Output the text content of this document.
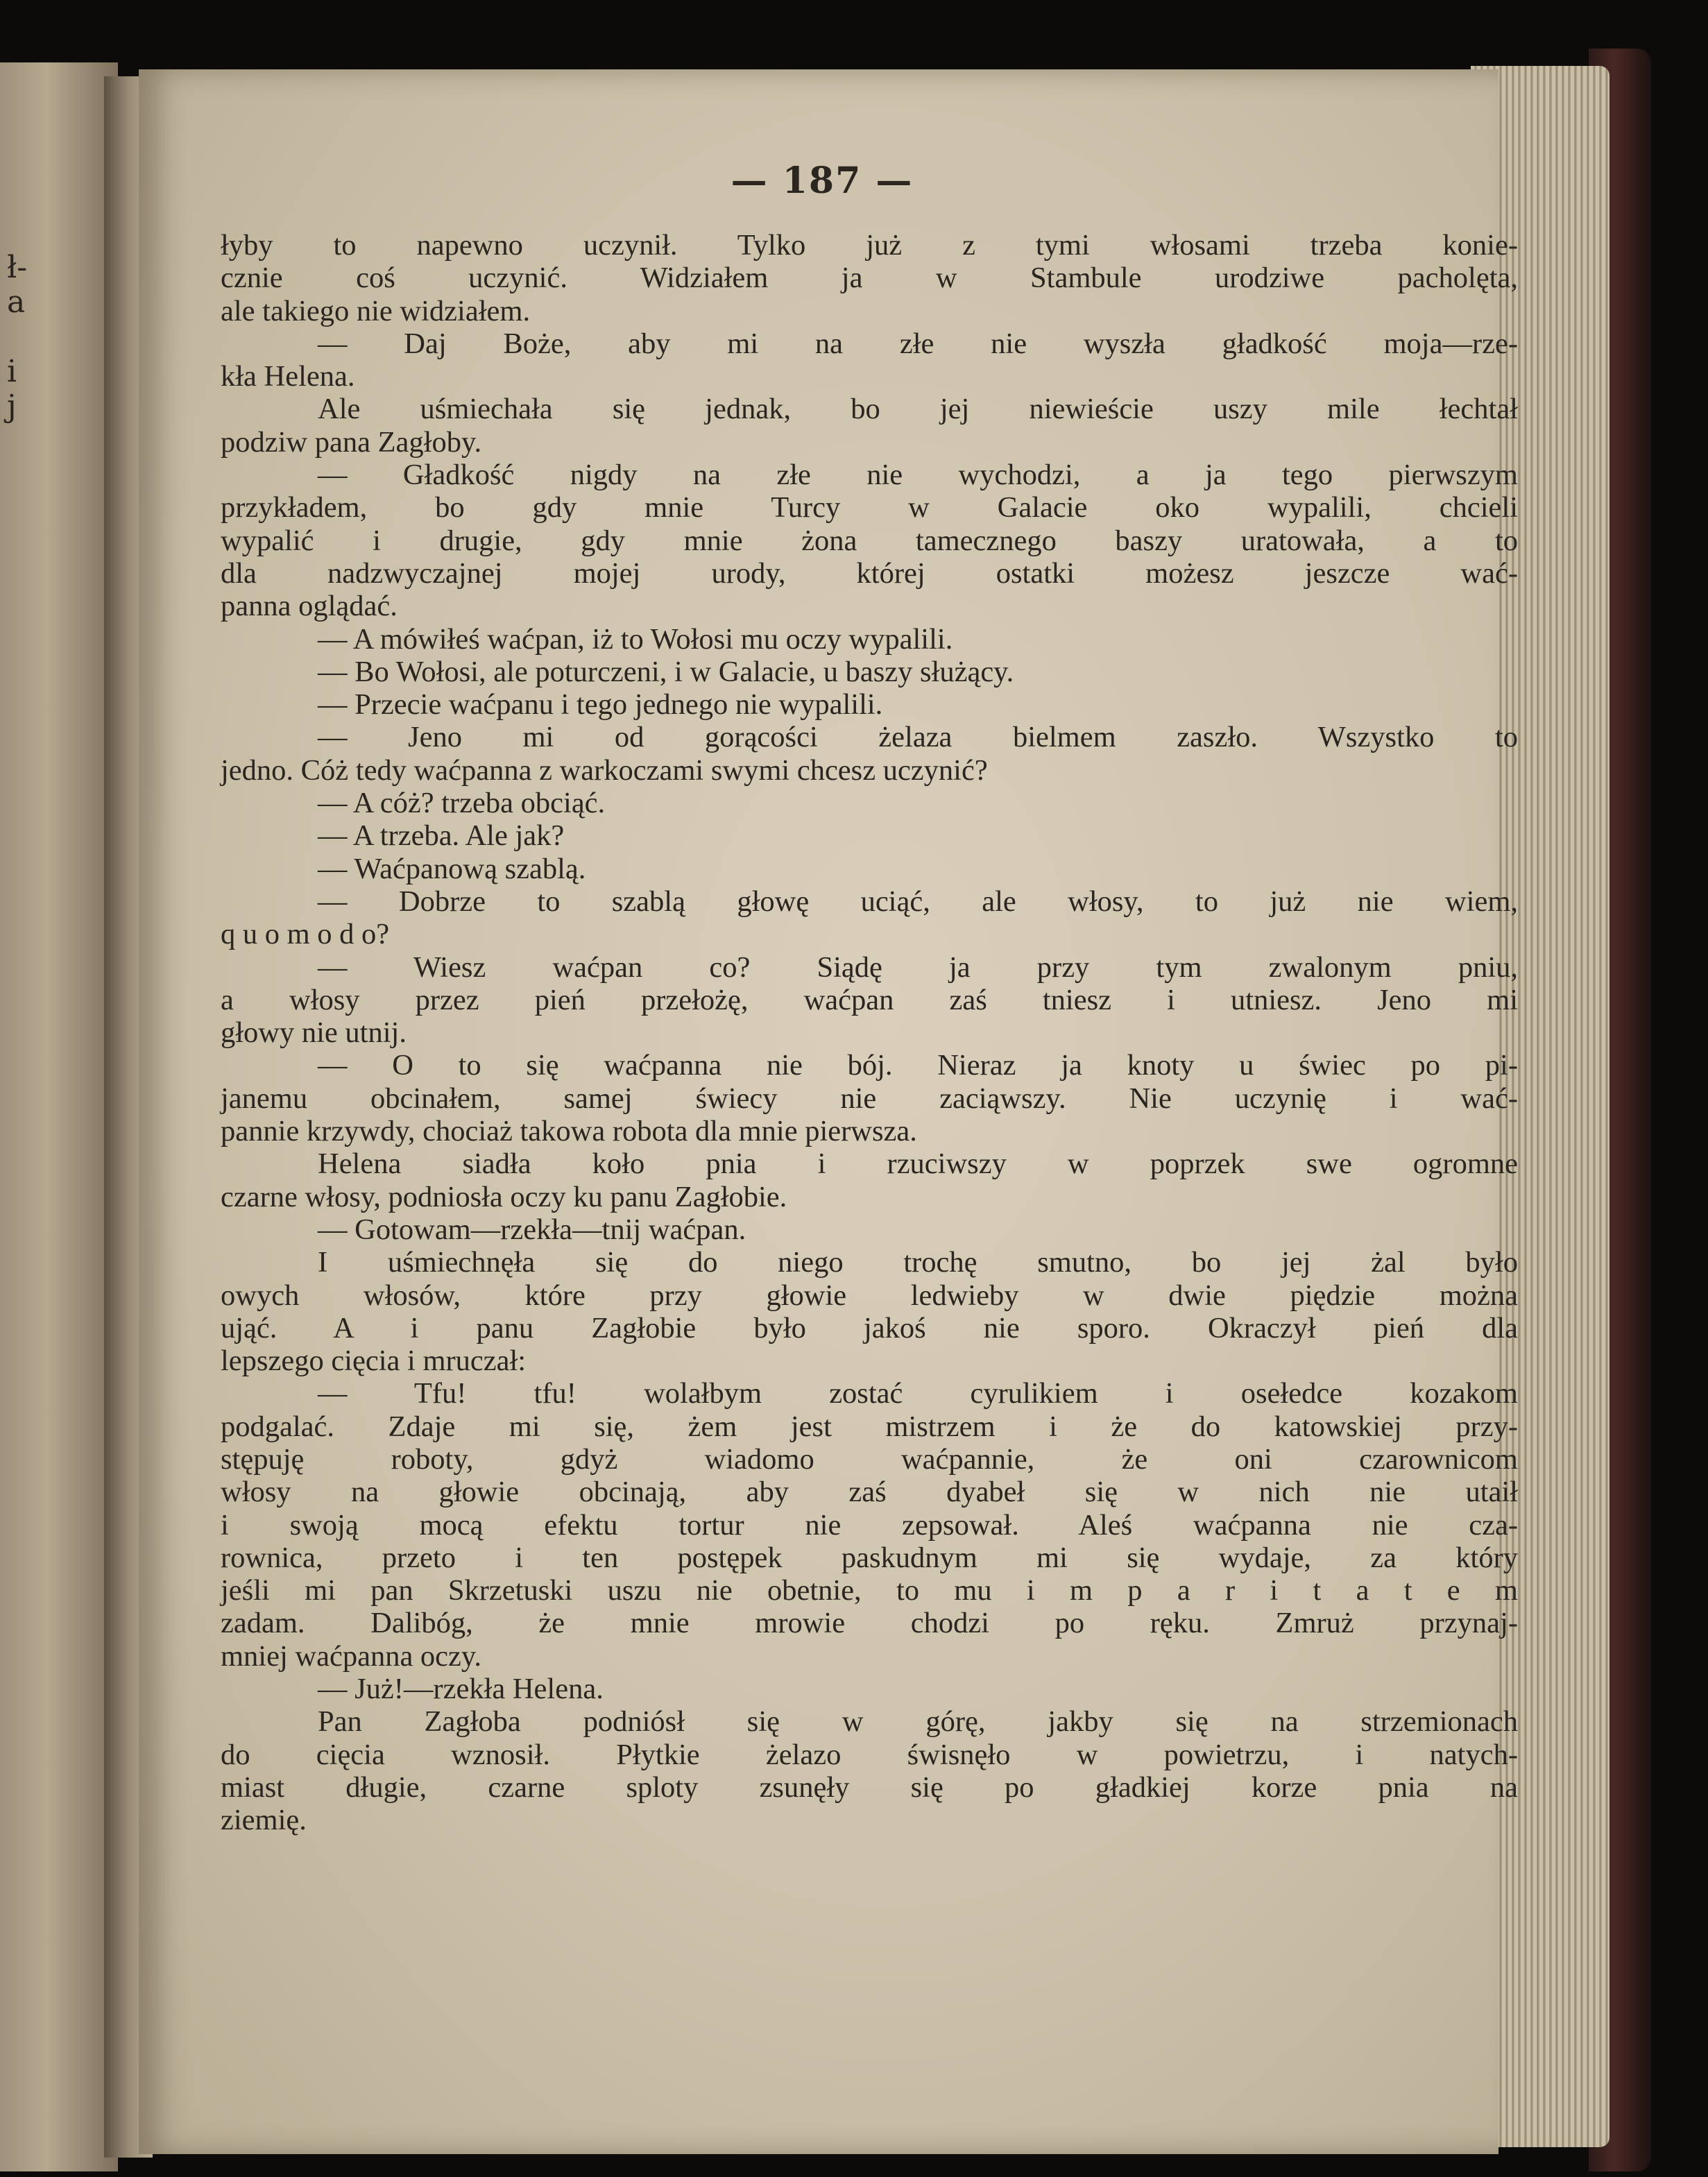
ł-
a
i
j
— 187 —
łyby to napewno uczynił. Tylko już z tymi włosami trzeba konie-
cznie coś uczynić. Widziałem ja w Stambule urodziwe pacholęta,
ale takiego nie widziałem.
— Daj Boże, aby mi na złe nie wyszła gładkość moja—rze-
kła Helena.
Ale uśmiechała się jednak, bo jej niewieście uszy mile łechtał
podziw pana Zagłoby.
— Gładkość nigdy na złe nie wychodzi, a ja tego pierwszym
przykładem, bo gdy mnie Turcy w Galacie oko wypalili, chcieli
wypalić i drugie, gdy mnie żona tamecznego baszy uratowała, a to
dla nadzwyczajnej mojej urody, której ostatki możesz jeszcze wać-
panna oglądać.
— A mówiłeś waćpan, iż to Wołosi mu oczy wypalili.
— Bo Wołosi, ale poturczeni, i w Galacie, u baszy służący.
— Przecie waćpanu i tego jednego nie wypalili.
— Jeno mi od gorącości żelaza bielmem zaszło. Wszystko to
jedno. Cóż tedy waćpanna z warkoczami swymi chcesz uczynić?
— A cóż? trzeba obciąć.
— A trzeba. Ale jak?
— Waćpanową szablą.
— Dobrze to szablą głowę uciąć, ale włosy, to już nie wiem,
q u o m o d o?
— Wiesz waćpan co? Siądę ja przy tym zwalonym pniu,
a włosy przez pień przełożę, waćpan zaś tniesz i utniesz. Jeno mi
głowy nie utnij.
— O to się waćpanna nie bój. Nieraz ja knoty u świec po pi-
janemu obcinałem, samej świecy nie zaciąwszy. Nie uczynię i wać-
pannie krzywdy, chociaż takowa robota dla mnie pierwsza.
Helena siadła koło pnia i rzuciwszy w poprzek swe ogromne
czarne włosy, podniosła oczy ku panu Zagłobie.
— Gotowam—rzekła—tnij waćpan.
I uśmiechnęła się do niego trochę smutno, bo jej żal było
owych włosów, które przy głowie ledwieby w dwie piędzie można
ująć. A i panu Zagłobie było jakoś nie sporo. Okraczył pień dla
lepszego cięcia i mruczał:
— Tfu! tfu! wolałbym zostać cyrulikiem i osełedce kozakom
podgalać. Zdaje mi się, żem jest mistrzem i że do katowskiej przy-
stępuję roboty, gdyż wiadomo waćpannie, że oni czarownicom
włosy na głowie obcinają, aby zaś dyabeł się w nich nie utaił
i swoją mocą efektu tortur nie zepsował. Aleś waćpanna nie cza-
rownica, przeto i ten postępek paskudnym mi się wydaje, za który
jeśli mi pan Skrzetuski uszu nie obetnie, to mu i m p a r i t a t e m
zadam. Dalibóg, że mnie mrowie chodzi po ręku. Zmruż przynaj-
mniej waćpanna oczy.
— Już!—rzekła Helena.
Pan Zagłoba podniósł się w górę, jakby się na strzemionach
do cięcia wznosił. Płytkie żelazo świsnęło w powietrzu, i natych-
miast długie, czarne sploty zsunęły się po gładkiej korze pnia na
ziemię.
